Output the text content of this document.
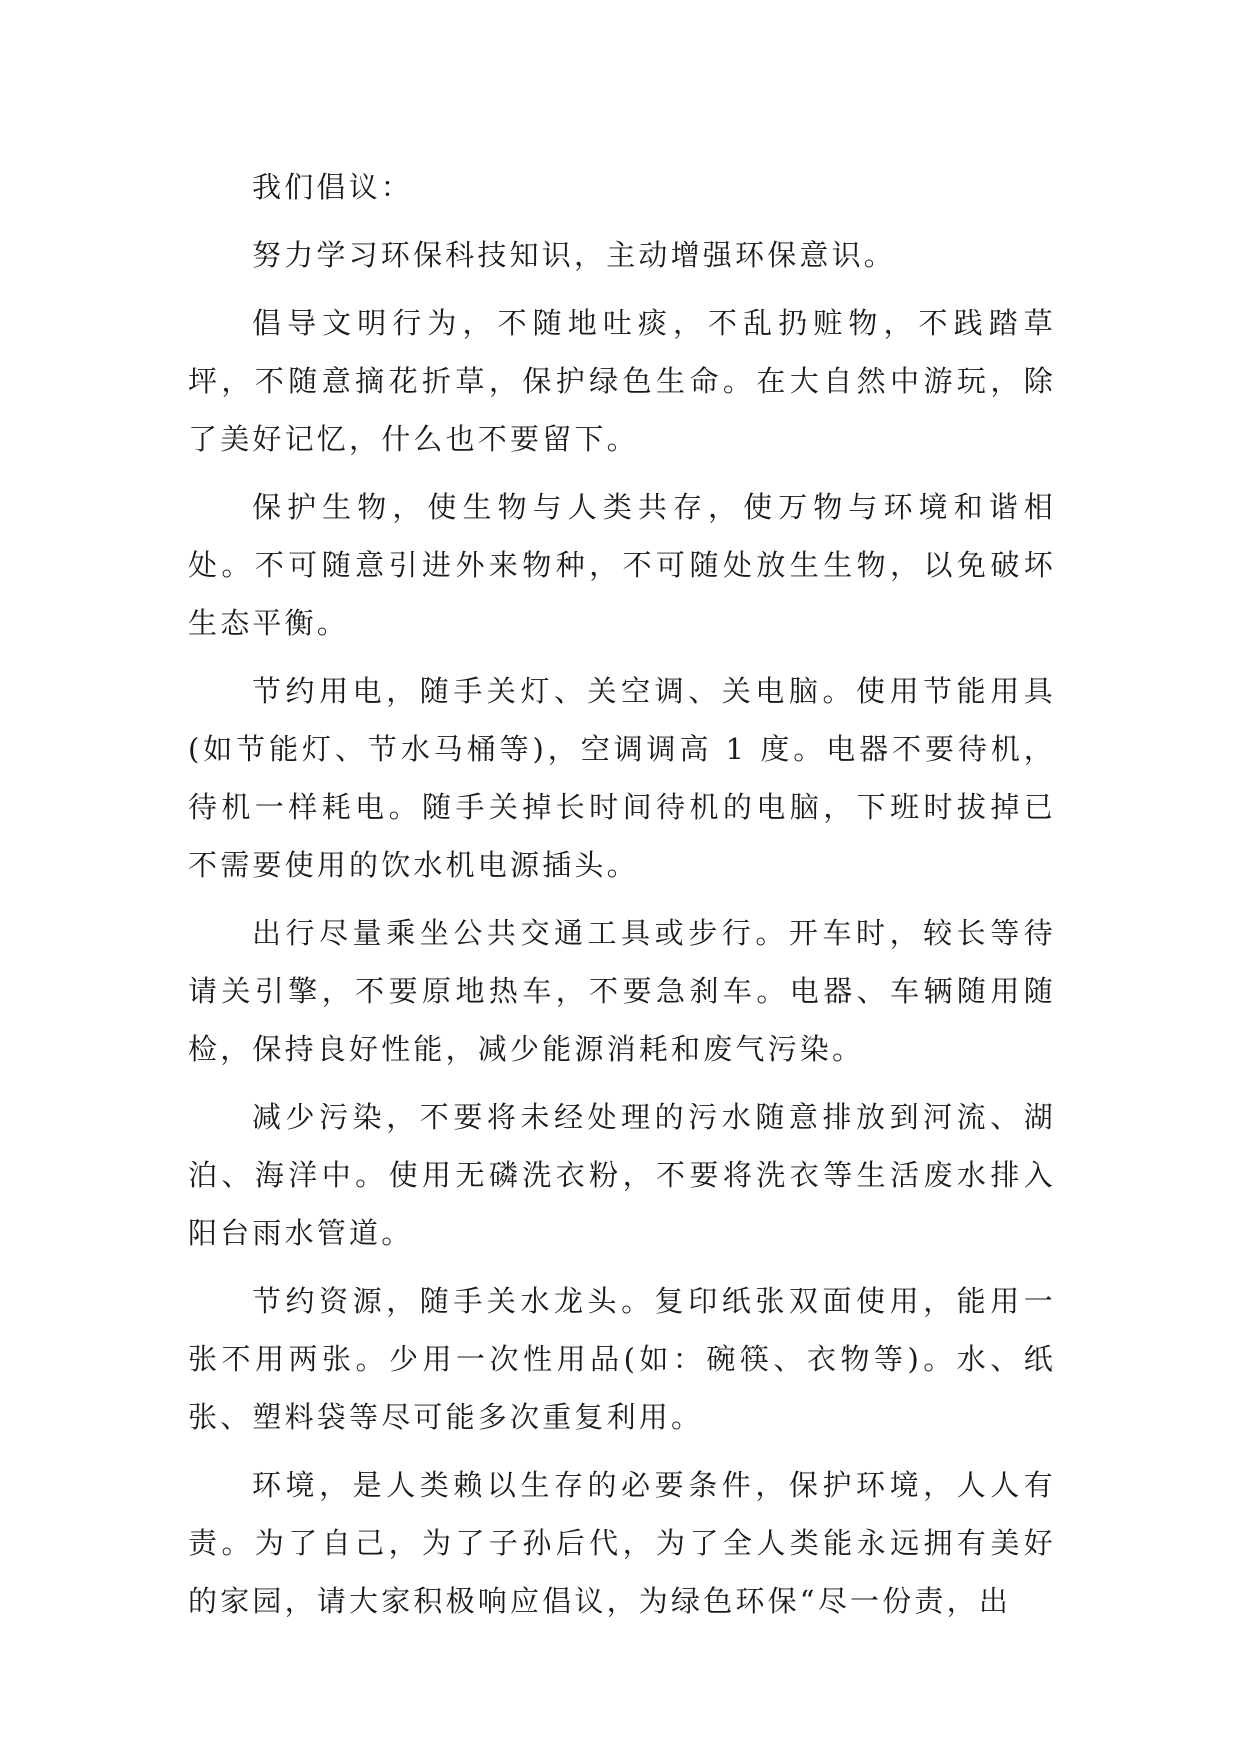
我们倡议：

努力学习环保科技知识，主动增强环保意识。

倡导文明行为，不随地吐痰，不乱扔赃物，不践踏草坪，不随意摘花折草，保护绿色生命。在大自然中游玩，除了美好记忆，什么也不要留下。

保护生物，使生物与人类共存，使万物与环境和谐相处。不可随意引进外来物种，不可随处放生生物，以免破坏生态平衡。

节约用电，随手关灯、关空调、关电脑。使用节能用具(如节能灯、节水马桶等)，空调调高 1 度。电器不要待机，待机一样耗电。随手关掉长时间待机的电脑，下班时拔掉已不需要使用的饮水机电源插头。

出行尽量乘坐公共交通工具或步行。开车时，较长等待请关引擎，不要原地热车，不要急刹车。电器、车辆随用随检，保持良好性能，减少能源消耗和废气污染。

减少污染，不要将未经处理的污水随意排放到河流、湖泊、海洋中。使用无磷洗衣粉，不要将洗衣等生活废水排入阳台雨水管道。

节约资源，随手关水龙头。复印纸张双面使用，能用一张不用两张。少用一次性用品(如：碗筷、衣物等)。水、纸张、塑料袋等尽可能多次重复利用。

环境，是人类赖以生存的必要条件，保护环境，人人有责。为了自己，为了子孙后代，为了全人类能永远拥有美好的家园，请大家积极响应倡议，为绿色环保“尽一份责，出
